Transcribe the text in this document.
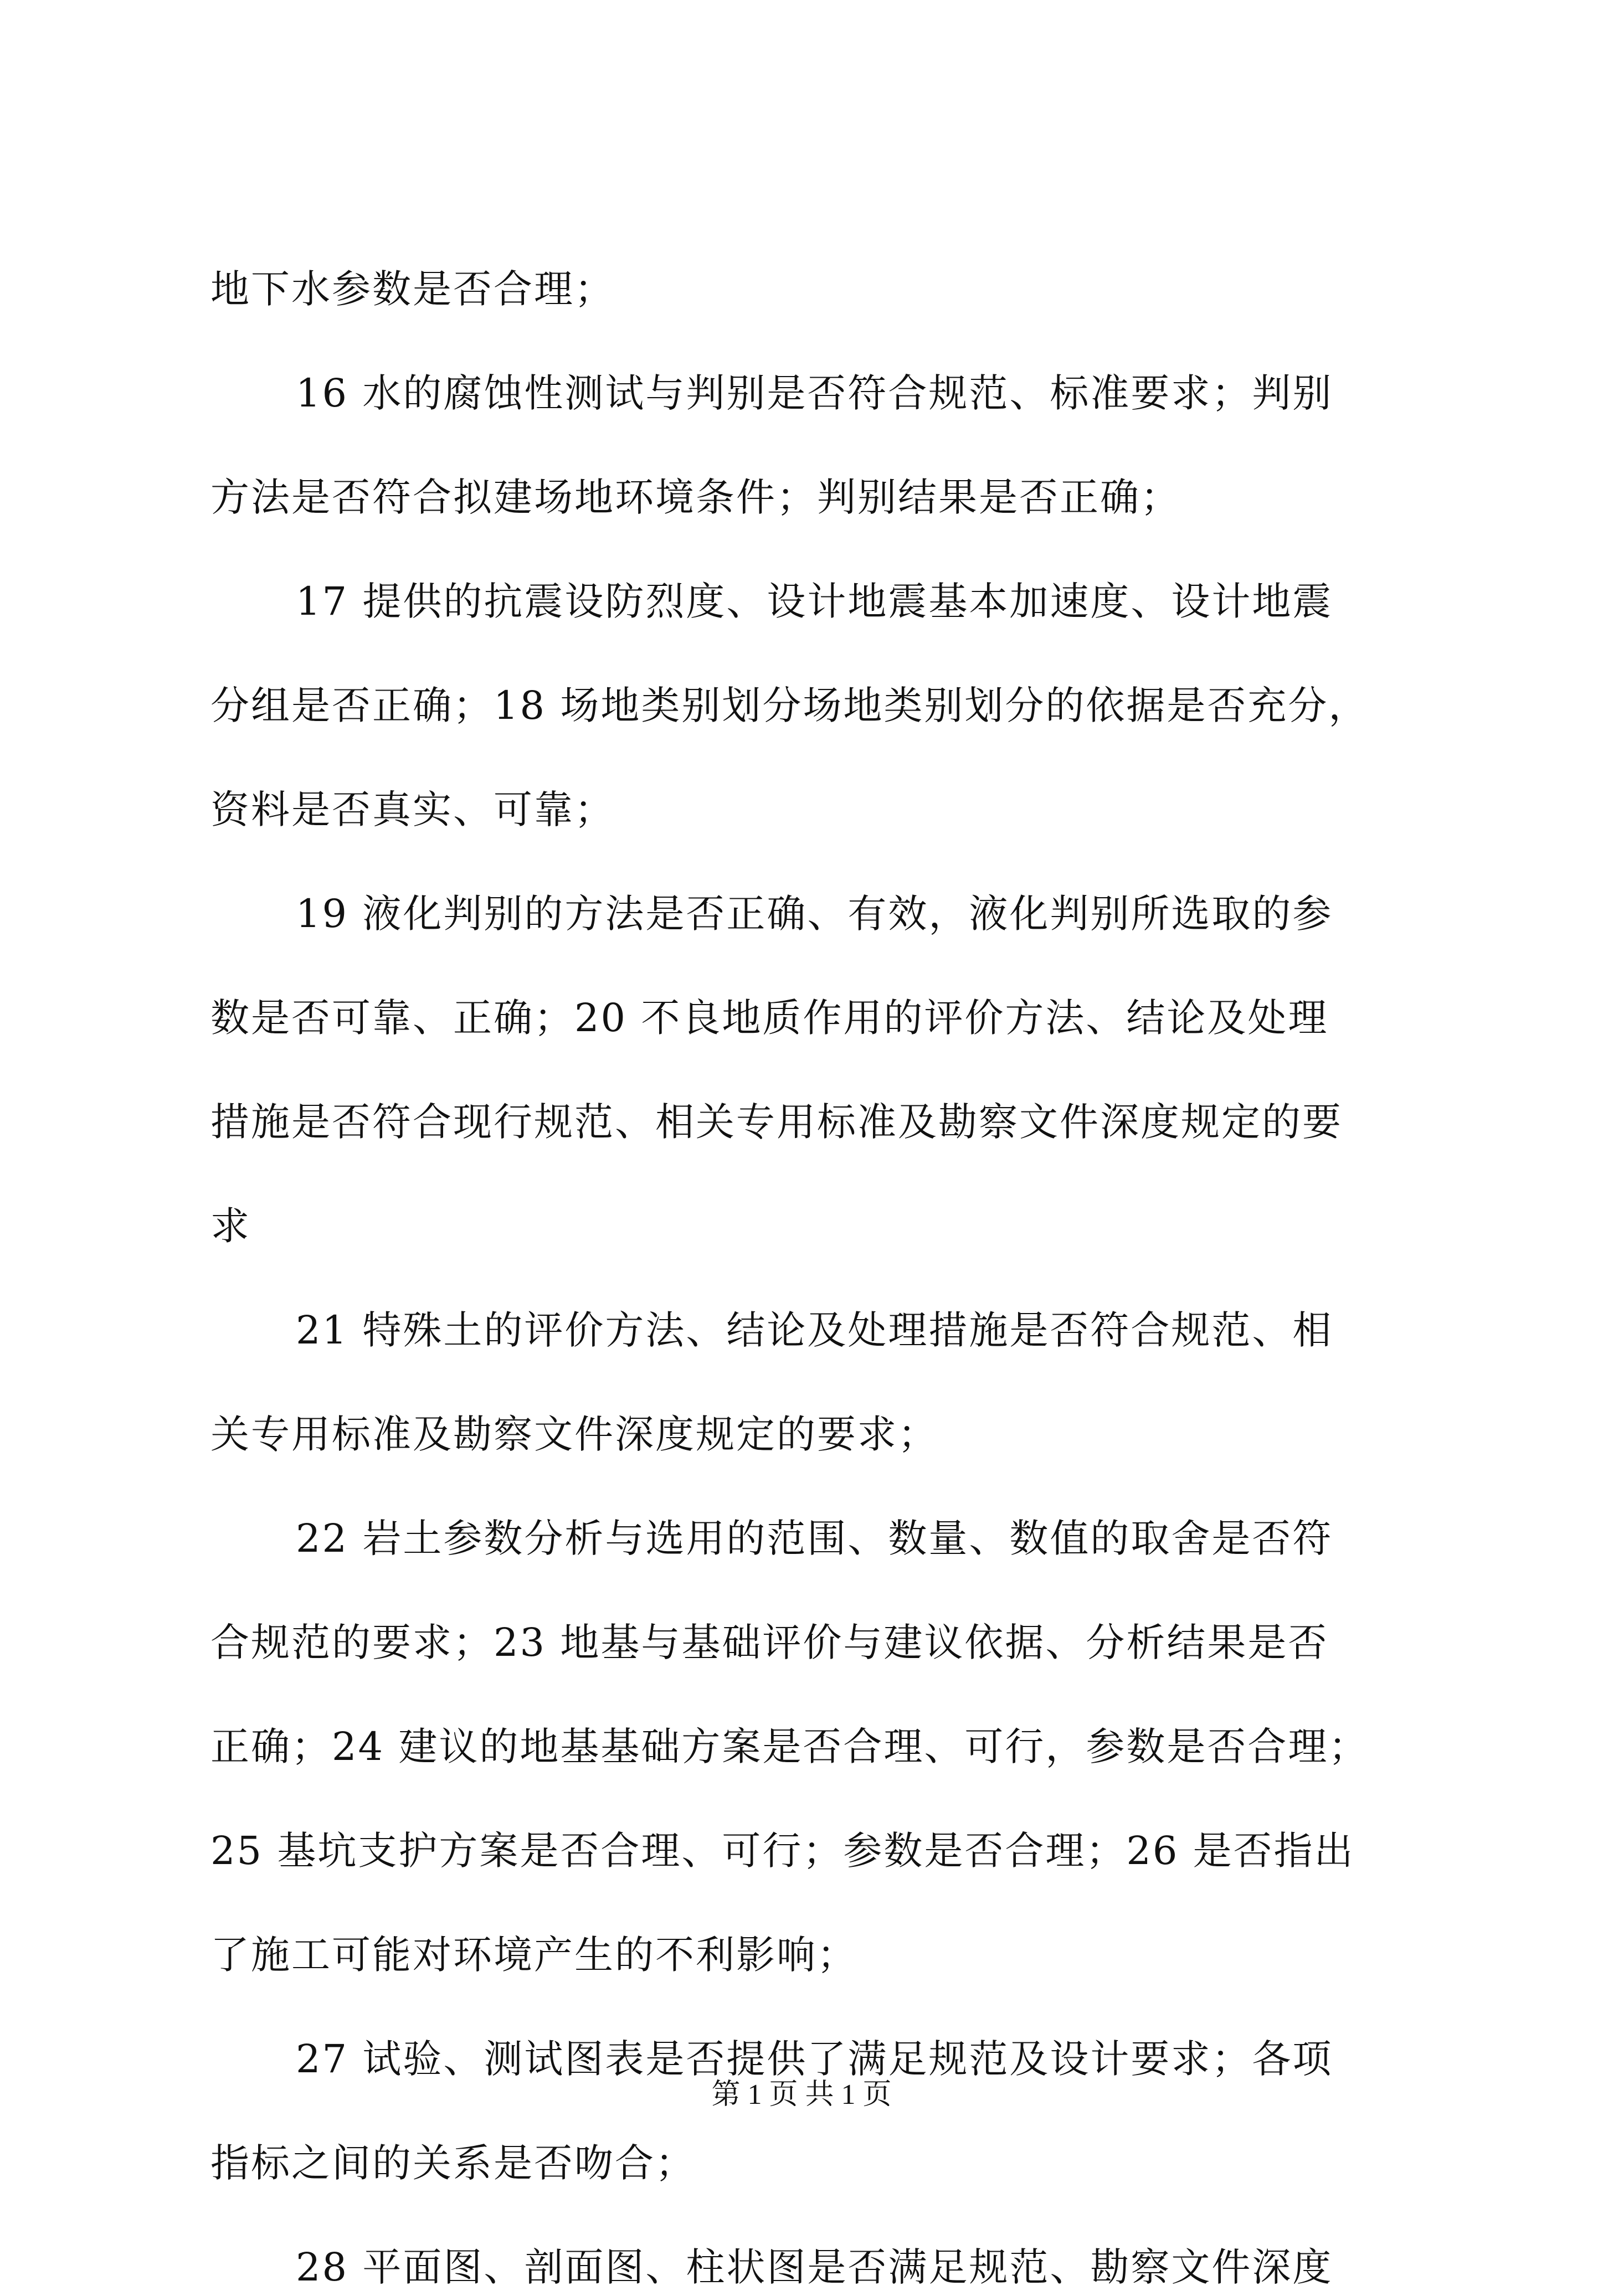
地下水参数是否合理；

16 水的腐蚀性测试与判别是否符合规范、标准要求；判别

方法是否符合拟建场地环境条件；判别结果是否正确；

17 提供的抗震设防烈度、设计地震基本加速度、设计地震

分组是否正确；18 场地类别划分场地类别划分的依据是否充分，

资料是否真实、可靠；

19 液化判别的方法是否正确、有效，液化判别所选取的参

数是否可靠、正确；20 不良地质作用的评价方法、结论及处理

措施是否符合现行规范、相关专用标准及勘察文件深度规定的要

求

21 特殊土的评价方法、结论及处理措施是否符合规范、相

关专用标准及勘察文件深度规定的要求；

22 岩土参数分析与选用的范围、数量、数值的取舍是否符

合规范的要求；23 地基与基础评价与建议依据、分析结果是否

正确；24 建议的地基基础方案是否合理、可行，参数是否合理；

25 基坑支护方案是否合理、可行；参数是否合理；26 是否指出

了施工可能对环境产生的不利影响；

27 试验、测试图表是否提供了满足规范及设计要求；各项

指标之间的关系是否吻合；

28 平面图、剖面图、柱状图是否满足规范、勘察文件深度

第 1 页 共 1 页
